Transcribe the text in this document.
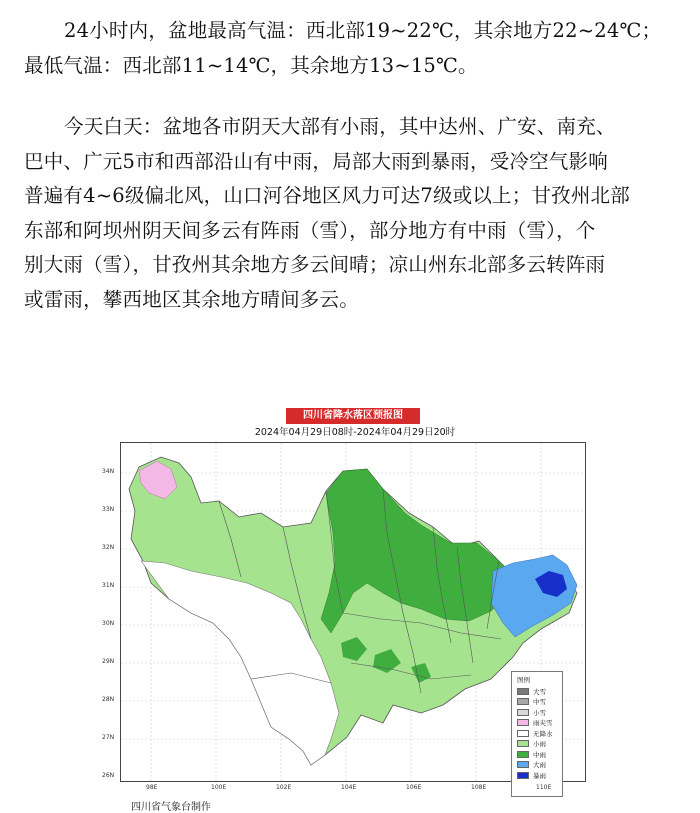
24小时内，盆地最高气温：西北部19~22℃，其余地方22~24℃；
最低气温：西北部11~14℃，其余地方13~15℃。
今天白天：盆地各市阴天大部有小雨，其中达州、广安、南充、
巴中、广元5市和西部沿山有中雨，局部大雨到暴雨，受冷空气影响
普遍有4~6级偏北风，山口河谷地区风力可达7级或以上；甘孜州北部
东部和阿坝州阴天间多云有阵雨（雪），部分地方有中雨（雪），个
别大雨（雪），甘孜州其余地方多云间晴；凉山州东北部多云转阵雨
或雷雨，攀西地区其余地方晴间多云。
四川省降水落区预报图
2024年04月29日08时-2024年04月29日20时
图例
大雪
中雪
小雪
雨夹雪
无降水
小雨
中雨
大雨
暴雨
四川省气象台制作
34N
33N
32N
31N
30N
29N
28N
27N
26N
98E	100E	102E	104E	106E	108E	110E
